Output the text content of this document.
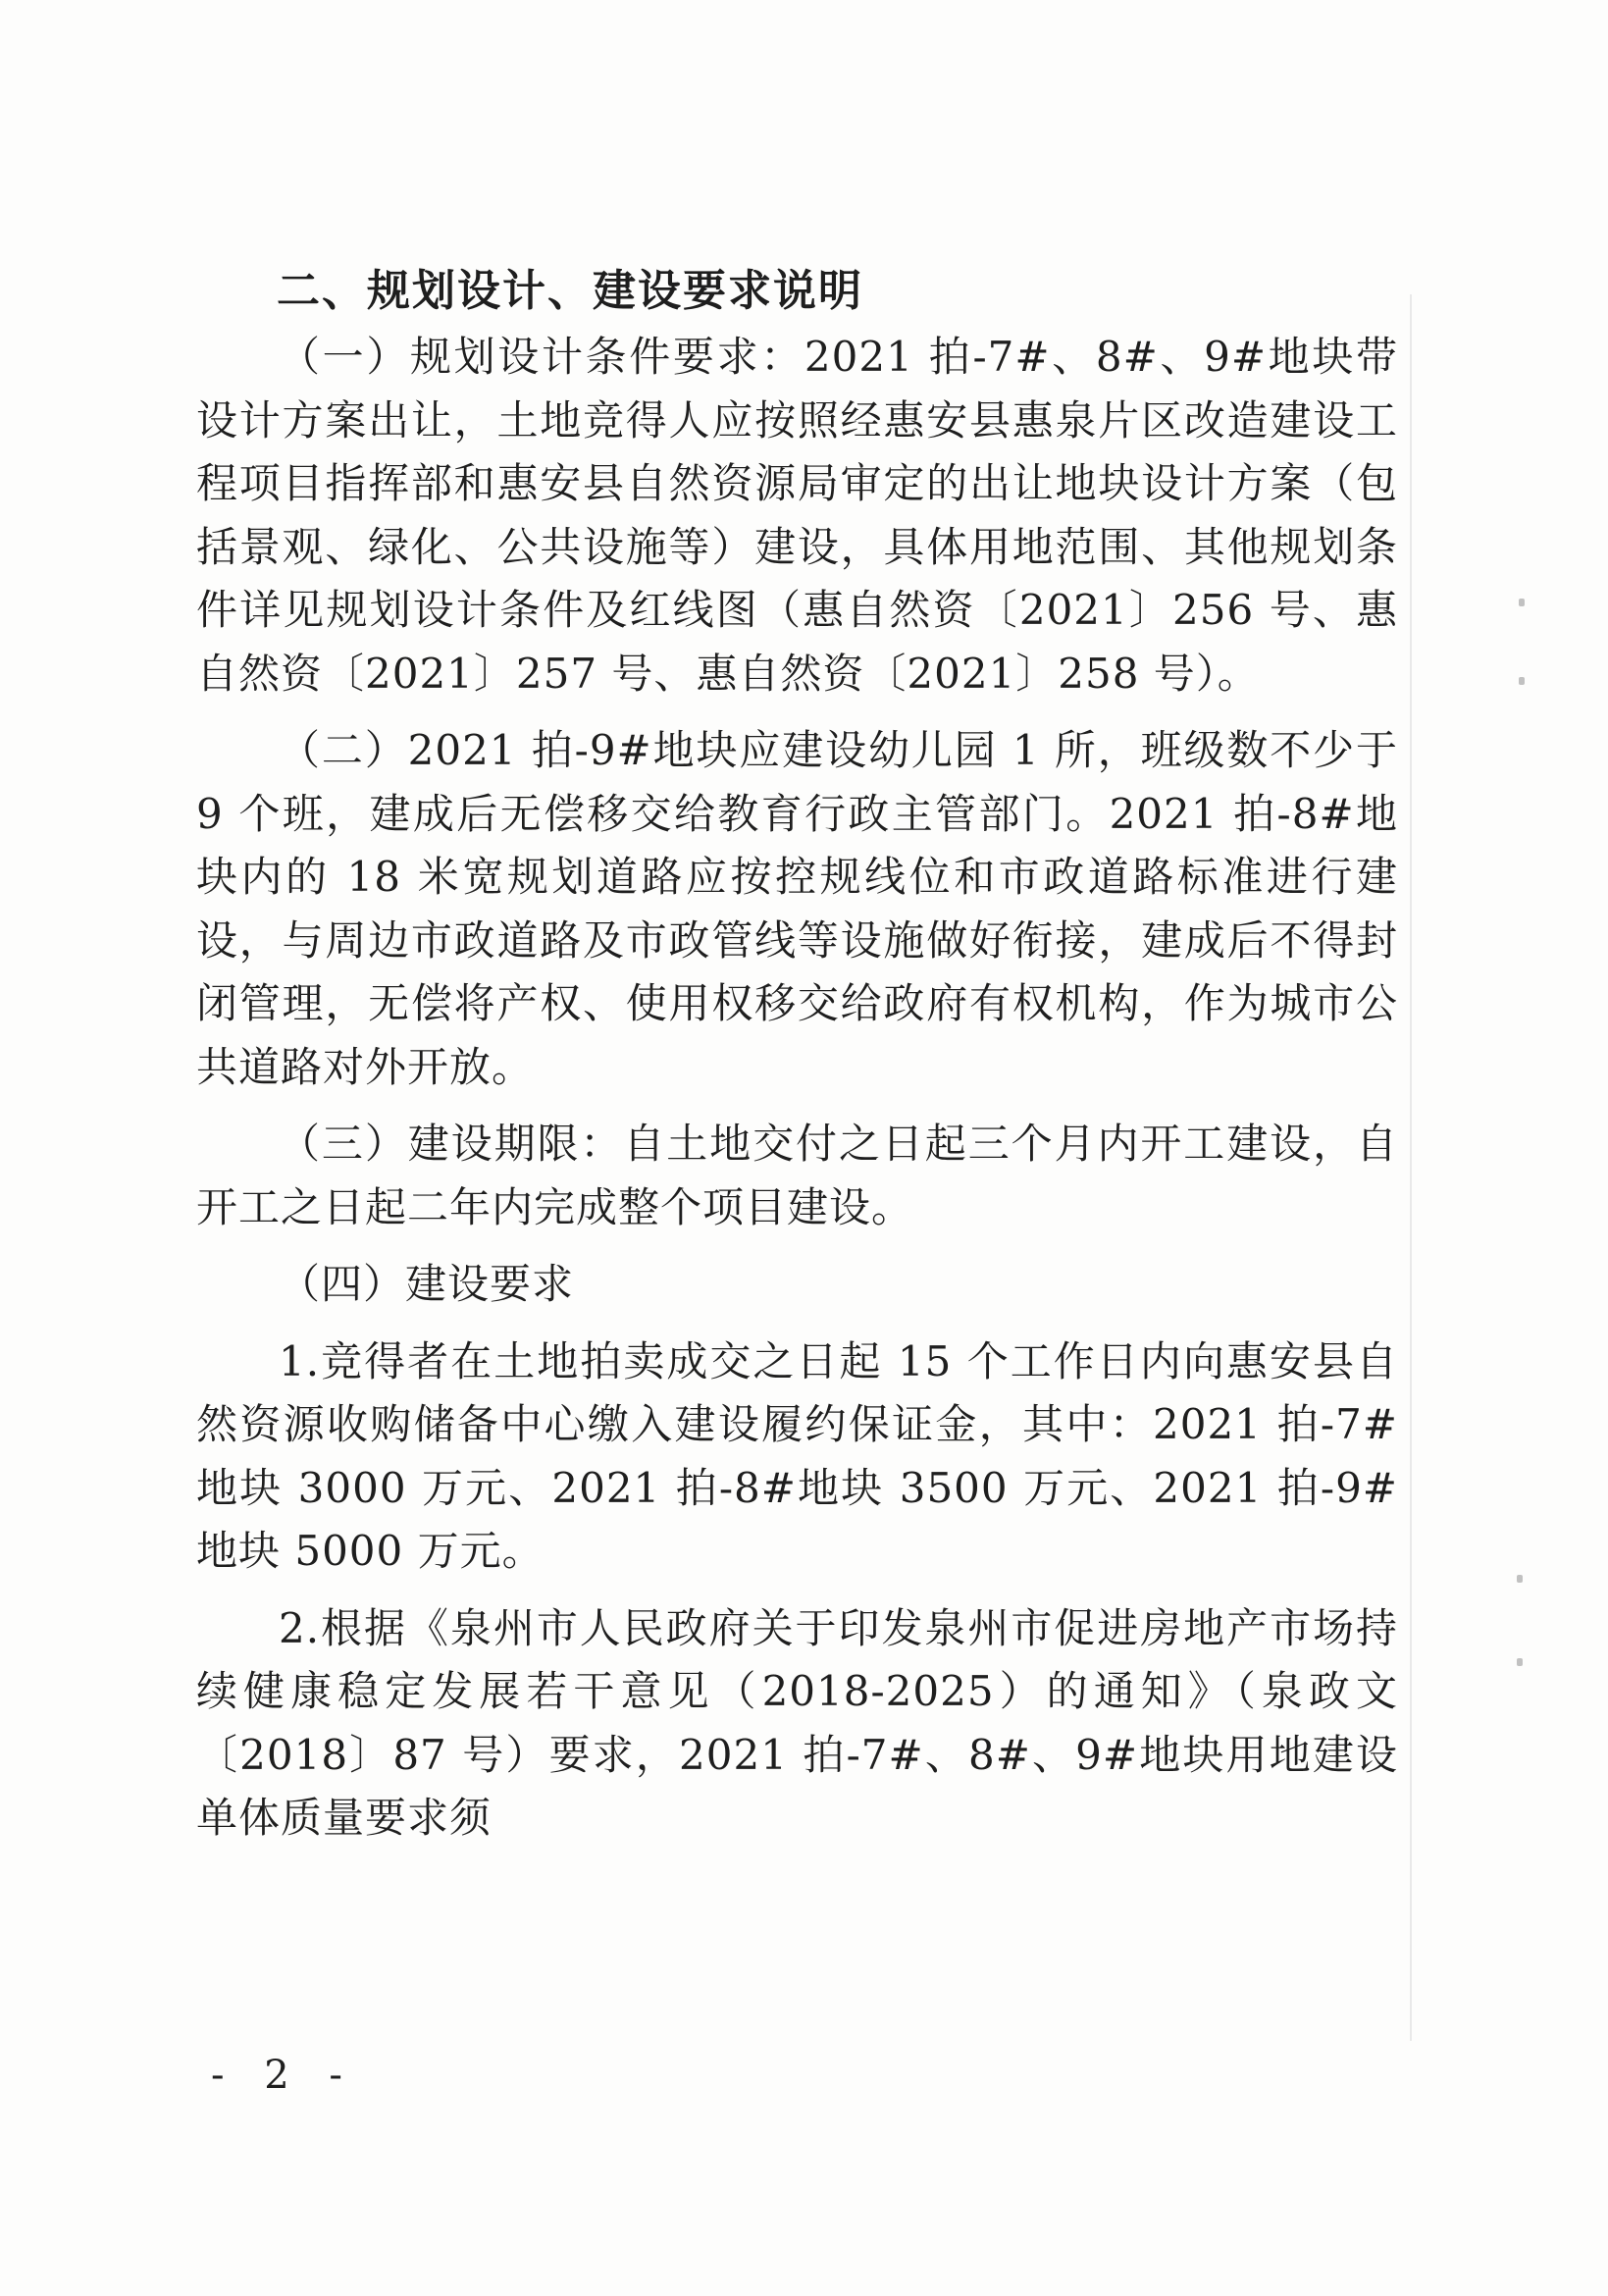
二、规划设计、建设要求说明

（一）规划设计条件要求：2021 拍-7#、8#、9#地块带设计方案出让，土地竞得人应按照经惠安县惠泉片区改造建设工程项目指挥部和惠安县自然资源局审定的出让地块设计方案（包括景观、绿化、公共设施等）建设，具体用地范围、其他规划条件详见规划设计条件及红线图（惠自然资〔2021〕256 号、惠自然资〔2021〕257 号、惠自然资〔2021〕258 号）。

（二）2021 拍-9#地块应建设幼儿园 1 所，班级数不少于 9 个班，建成后无偿移交给教育行政主管部门。2021 拍-8#地块内的 18 米宽规划道路应按控规线位和市政道路标准进行建设，与周边市政道路及市政管线等设施做好衔接，建成后不得封闭管理，无偿将产权、使用权移交给政府有权机构，作为城市公共道路对外开放。

（三）建设期限：自土地交付之日起三个月内开工建设，自开工之日起二年内完成整个项目建设。

（四）建设要求

1.竞得者在土地拍卖成交之日起 15 个工作日内向惠安县自然资源收购储备中心缴入建设履约保证金，其中：2021 拍-7#地块 3000 万元、2021 拍-8#地块 3500 万元、2021 拍-9#地块 5000 万元。

2.根据《泉州市人民政府关于印发泉州市促进房地产市场持续健康稳定发展若干意见（2018-2025）的通知》（泉政文〔2018〕87 号）要求，2021 拍-7#、8#、9#地块用地建设单体质量要求须

- 2 -
